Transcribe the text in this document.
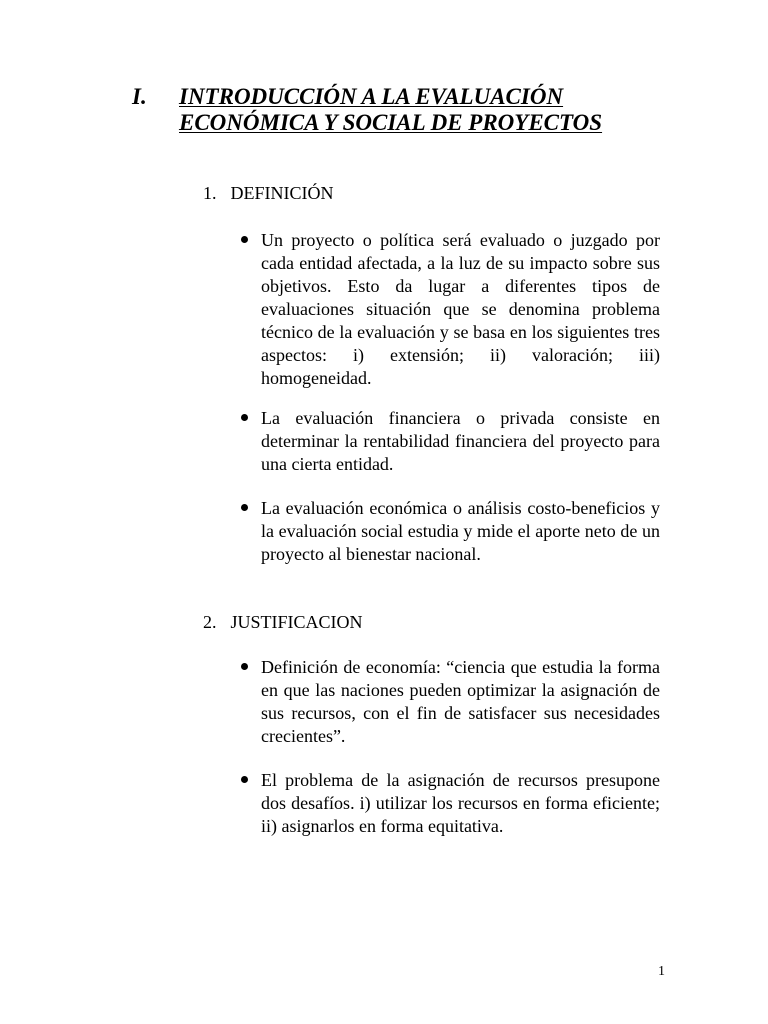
I. INTRODUCCIÓN A LA EVALUACIÓN
ECONÓMICA Y SOCIAL DE PROYECTOS
1. DEFINICIÓN
Un proyecto o política será evaluado o juzgado por cada entidad afectada, a la luz de su impacto sobre sus objetivos. Esto da lugar a diferentes tipos de evaluaciones situación que se denomina problema técnico de la evaluación y se basa en los siguientes tres aspectos: i) extensión; ii) valoración; iii) homogeneidad.
La evaluación financiera o privada consiste en determinar la rentabilidad financiera del proyecto para una cierta entidad.
La evaluación económica o análisis costo-beneficios y la evaluación social estudia y mide el aporte neto de un proyecto al bienestar nacional.
2. JUSTIFICACION
Definición de economía: “ciencia que estudia la forma en que las naciones pueden optimizar la asignación de sus recursos, con el fin de satisfacer sus necesidades crecientes”.
El problema de la asignación de recursos presupone dos desafíos. i) utilizar los recursos en forma eficiente; ii) asignarlos en forma equitativa.
1
